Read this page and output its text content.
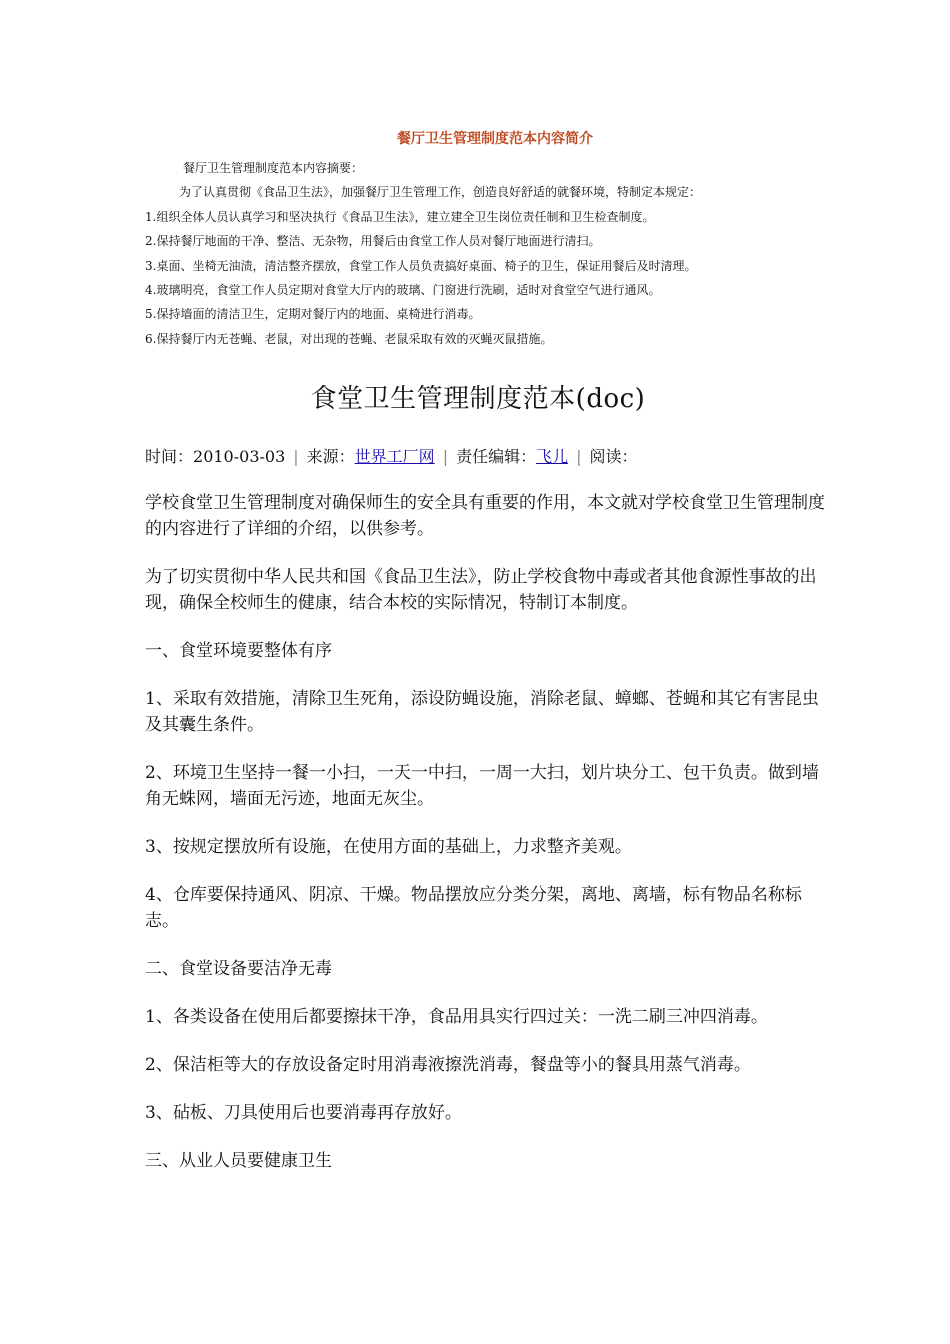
餐厅卫生管理制度范本内容简介
餐厅卫生管理制度范本内容摘要：
为了认真贯彻《食品卫生法》，加强餐厅卫生管理工作，创造良好舒适的就餐环境，特制定本规定：
1.组织全体人员认真学习和坚决执行《食品卫生法》，建立建全卫生岗位责任制和卫生检查制度。
2.保持餐厅地面的干净、整洁、无杂物，用餐后由食堂工作人员对餐厅地面进行清扫。
3.桌面、坐椅无油渍，清洁整齐摆放，食堂工作人员负责搞好桌面、椅子的卫生，保证用餐后及时清理。
4.玻璃明亮，食堂工作人员定期对食堂大厅内的玻璃、门窗进行洗刷，适时对食堂空气进行通风。
5.保持墙面的清洁卫生，定期对餐厅内的地面、桌椅进行消毒。
6.保持餐厅内无苍蝇、老鼠，对出现的苍蝇、老鼠采取有效的灭蝇灭鼠措施。
食堂卫生管理制度范本(doc)
时间：2010-03-03 | 来源：世界工厂网 | 责任编辑：飞儿 | 阅读：

学校食堂卫生管理制度对确保师生的安全具有重要的作用，本文就对学校食堂卫生管理制度的内容进行了详细的介绍，以供参考。

为了切实贯彻中华人民共和国《食品卫生法》，防止学校食物中毒或者其他食源性事故的出现，确保全校师生的健康，结合本校的实际情况，特制订本制度。

一、食堂环境要整体有序

1、采取有效措施，清除卫生死角，添设防蝇设施，消除老鼠、蟑螂、苍蝇和其它有害昆虫及其囊生条件。

2、环境卫生坚持一餐一小扫，一天一中扫，一周一大扫，划片块分工、包干负责。做到墙角无蛛网，墙面无污迹，地面无灰尘。

3、按规定摆放所有设施，在使用方面的基础上，力求整齐美观。

4、仓库要保持通风、阴凉、干燥。物品摆放应分类分架，离地、离墙，标有物品名称标志。

二、食堂设备要洁净无毒

1、各类设备在使用后都要擦抹干净，食品用具实行四过关：一洗二刷三冲四消毒。

2、保洁柜等大的存放设备定时用消毒液擦洗消毒，餐盘等小的餐具用蒸气消毒。

3、砧板、刀具使用后也要消毒再存放好。

三、从业人员要健康卫生
